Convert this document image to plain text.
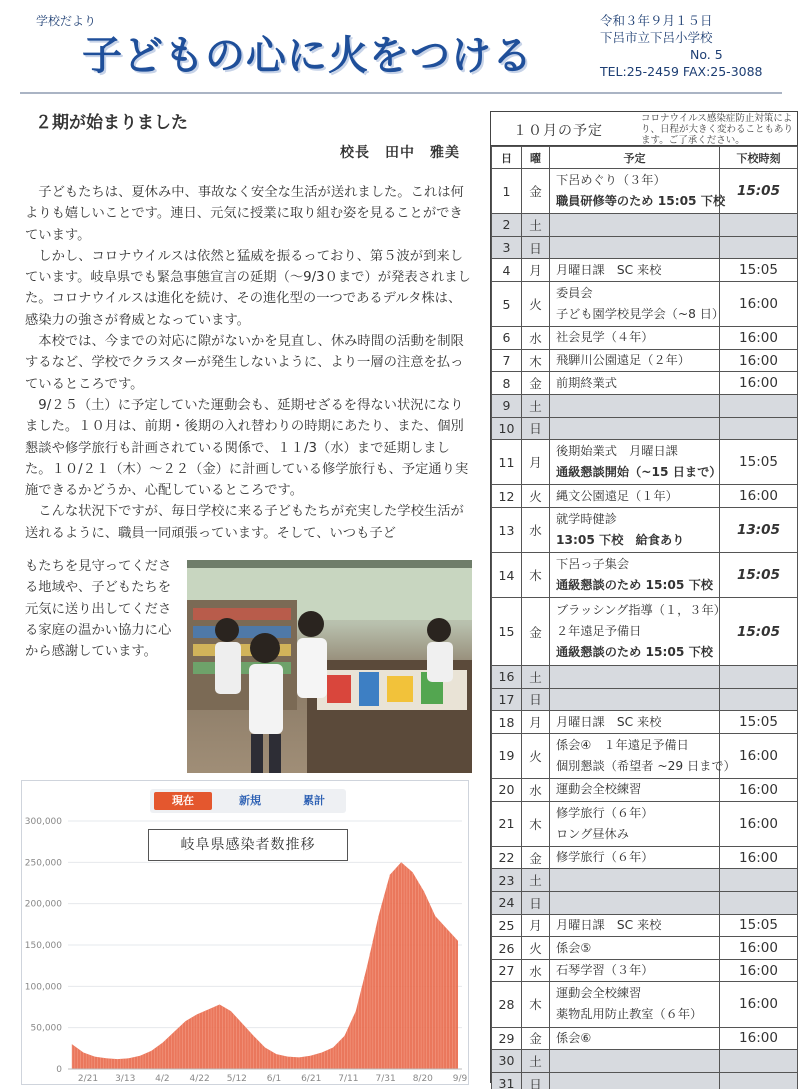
学校だより
子どもの心に火をつける
令和３年９月１５日
下呂市立下呂小学校
No. 5
TEL:25-2459 FAX:25-3088
２期が始まりました
校長　田中　雅美

子どもたちは、夏休み中、事故なく安全な生活が送れました。これは何よりも嬉しいことです。連日、元気に授業に取り組む姿を見ることができています。

しかし、コロナウイルスは依然と猛威を振るっており、第５波が到来しています。岐阜県でも緊急事態宣言の延期（～9/3０まで）が発表されました。コロナウイルスは進化を続け、その進化型の一つであるデルタ株は、感染力の強さが脅威となっています。

本校では、今までの対応に隙がないかを見直し、休み時間の活動を制限するなど、学校でクラスターが発生しないように、より一層の注意を払っているところです。

9/２５（土）に予定していた運動会も、延期せざるを得ない状況になりました。１０月は、前期・後期の入れ替わりの時期にあたり、また、個別懇談や修学旅行も計画されている関係で、１１/3（水）まで延期しました。１０/２１（木）～２２（金）に計画している修学旅行も、予定通り実施できるかどうか、心配しているところです。

こんな状況下ですが、毎日学校に来る子どもたちが充実した学校生活が送れるように、職員一同頑張っています。そして、いつも子ど

もたちを見守ってくださる地域や、子どもたちを元気に送り出してくださる家庭の温かい協力に心から感謝しています。

0
50,000
100,000
150,000
200,000
250,000
300,000
2/21 3/13 4/2 4/22 5/12 6/1 6/21 7/11 7/31 8/20 9/9
現在	新規	累計
岐阜県感染者数推移
１０月の予定
コロナウイルス感染症防止対策により、日程が大きく変わることもあります。ご了承ください。
日	曜	予定	下校時刻
1	金	下呂めぐり（３年）
職員研修等のため 15:05 下校	15:05
2	土		
3	日		
4	月	月曜日課　SC 来校	15:05
5	火	委員会
子ども園学校見学会（~8 日）	16:00
6	水	社会見学（４年）	16:00
7	木	飛騨川公園遠足（２年）	16:00
8	金	前期終業式	16:00
9	土		
10	日		
11	月	後期始業式　月曜日課
通級懇談開始（~15 日まで）	15:05
12	火	縄文公園遠足（１年）	16:00
13	水	就学時健診
13:05 下校　給食あり	13:05
14	木	下呂っ子集会
通級懇談のため 15:05 下校	15:05
15	金	ブラッシング指導（１，３年）
２年遠足予備日
通級懇談のため 15:05 下校	15:05
16	土		
17	日		
18	月	月曜日課　SC 来校	15:05
19	火	係会④　１年遠足予備日
個別懇談（希望者 ~29 日まで）	16:00
20	水	運動会全校練習	16:00
21	木	修学旅行（６年）
ロング昼休み	16:00
22	金	修学旅行（６年）	16:00
23	土		
24	日		
25	月	月曜日課　SC 来校	15:05
26	火	係会⑤	16:00
27	水	石琴学習（３年）	16:00
28	木	運動会全校練習
薬物乱用防止教室（６年）	16:00
29	金	係会⑥	16:00
30	土		
31	日		
